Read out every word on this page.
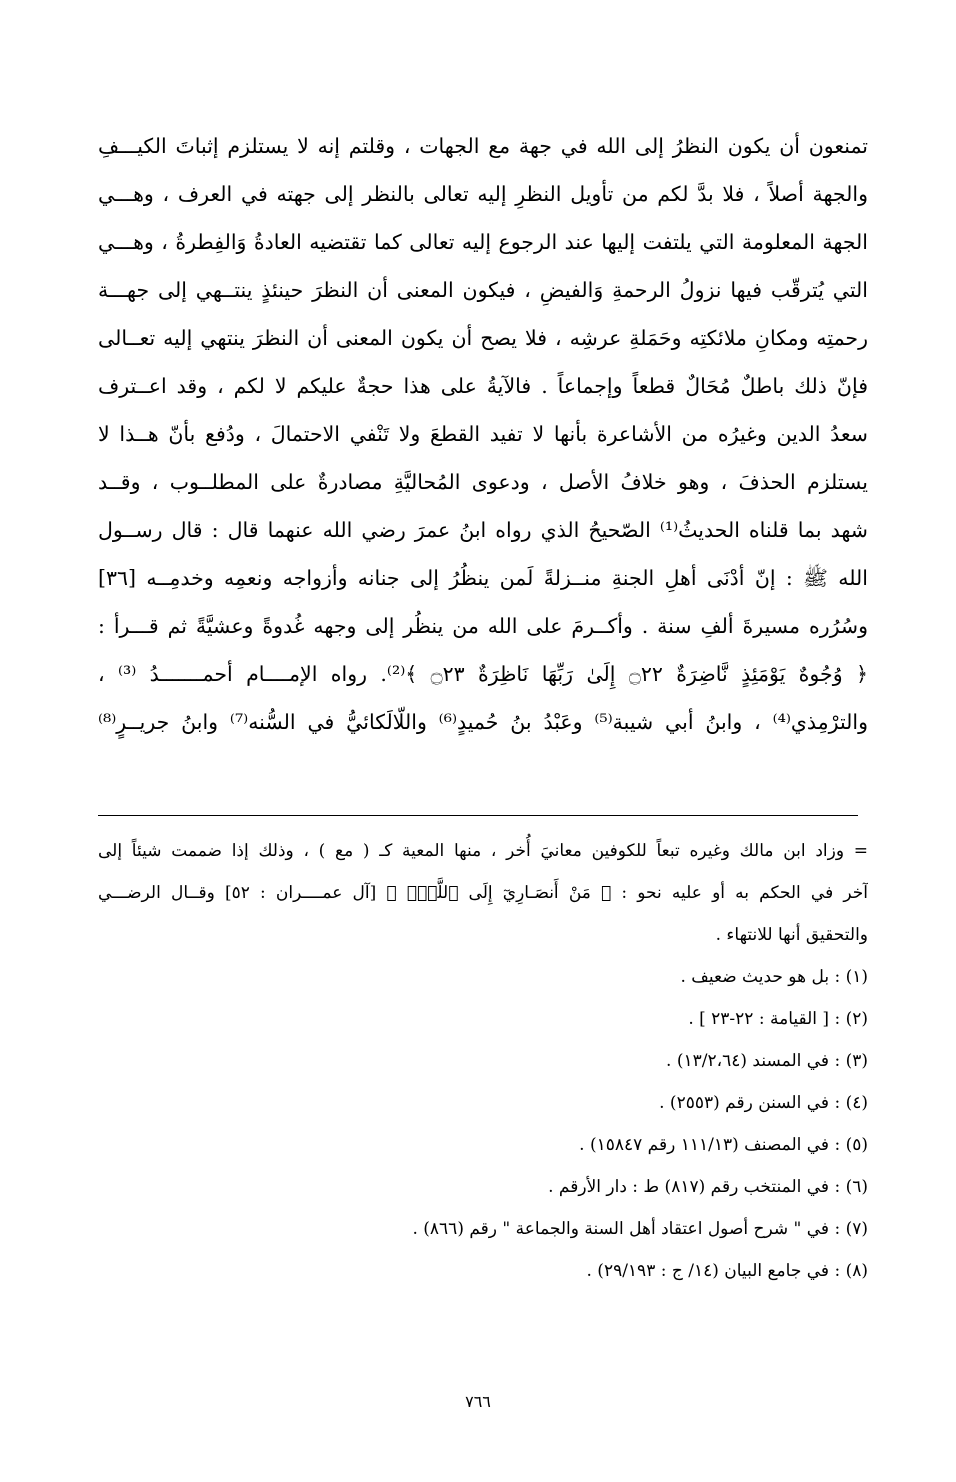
تمنعون أن يكون النظرُ إلى الله في جهة مع الجهات ، وقلتم إنه لا يستلزم إثباتَ الكيـــفِ
والجهة أصلاً ، فلا بدَّ لكم من تأويل النظرِ إليه تعالى بالنظر إلى جهته في العرف ، وهـــي
الجهة المعلومة التي يلتفت إليها عند الرجوع إليه تعالى كما تقتضيه العادةُ وَالفِطرةُ ، وهـــي
التي يُترقّب فيها نزولُ الرحمةِ وَالفيضِ ، فيكون المعنى أن النظرَ حينئذٍ ينتــهي إلى جهـــة
رحمتِه ومكانِ ملائكتِه وحَمَلةِ عرشِه ، فلا يصح أن يكون المعنى أن النظرَ ينتهي إليه تعــالى
فإنّ ذلك باطلٌ مُحَالٌ قطعاً وإجماعاً . فالآيةُ على هذا حجةٌ عليكم لا لكم ، وقد اعــترف
سعدُ الدين وغيرُه من الأشاعرة بأنها لا تفيد القطعَ ولا تَنْفي الاحتمالَ ، ودُفع بأنّ هــذا لا
يستلزم الحذفَ ، وهو خلافُ الأصل ، ودعوى المُحاليَّةِ مصادرةٌ على المطلــوب ، وقــد
شهد بما قلناه الحديثُ⁽¹⁾ الصّحيحُ الذي رواه ابنُ عمرَ رضي الله عنهما قال : قال رســول
الله ﷺ : إنّ أدْنَى أهلِ الجنةِ منــزلةً لَمن ينظُرُ إلى جنانه وأزواجه ونعمِه وخدمِــه [٣٦]
وسُرُره مسيرةَ ألفِ سنة . وأكــرمَ على الله من ينظُر إلى وجهه غُدوةً وعشيَّةً ثم قـــرأ :
﴿ وُجُوهٌ يَوْمَئِذٍ نَّاضِرَةٌ ۝٢٢ إِلَىٰ رَبِّهَا نَاظِرَةٌ ۝٢٣ ﴾⁽²⁾. رواه الإمــــام أحمـــــــدُ ⁽³⁾ ،
والترْمِذي⁽⁴⁾ ، وابنُ أبي شيبة⁽⁵⁾ وعَبْدُ بنُ حُميدٍ⁽⁶⁾ واللّالَكائيُّ في السُّنه⁽⁷⁾ وابنُ جريــرٍ⁽⁸⁾
= وزاد ابن مالك وغيره تبعاً للكوفين معانيَ أُخر ، منها المعية كـ ( مع ) ، وذلك إذا ضممت شيئاً إلى
آخر في الحكم به أو عليه نحو : ﴿ مَنْ أَنصَـارِيٓ إِلَى ٱللَّهِۖ ﴾ [آل عمــــران : ٥٢] وقــال الرضـــي
والتحقيق أنها للانتهاء .
(١) : بل هو حديث ضعيف .
(٢) : [ القيامة : ٢٢-٢٣ ] .
(٣) : في المسند (١٣/٢،٦٤) .
(٤) : في السنن رقم (٢٥٥٣) .
(٥) : في المصنف (١١١/١٣ رقم ١٥٨٤٧) .
(٦) : في المنتخب رقم (٨١٧) ط : دار الأرقم .
(٧) : في " شرح أصول اعتقاد أهل السنة والجماعة " رقم (٨٦٦) .
(٨) : في جامع البيان (١٤/ ج : ٢٩/١٩٣) .
٧٦٦
